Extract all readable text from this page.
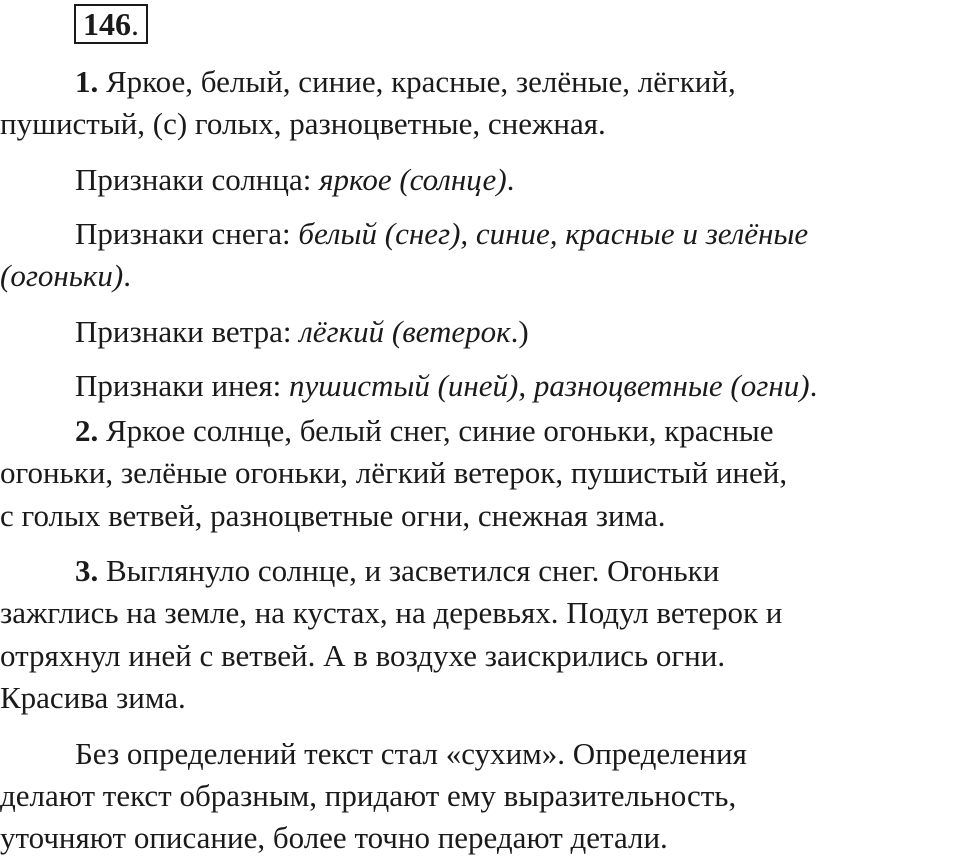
146.
1. Яркое, белый, синие, красные, зелёные, лёгкий,
пушистый, (с) голых, разноцветные, снежная.
Признаки солнца: яркое (солнце).
Признаки снега: белый (снег), синие, красные и зелёные
(огоньки).
Признаки ветра: лёгкий (ветерок.)
Признаки инея: пушистый (иней), разноцветные (огни).
2. Яркое солнце, белый снег, синие огоньки, красные
огоньки, зелёные огоньки, лёгкий ветерок, пушистый иней,
с голых ветвей, разноцветные огни, снежная зима.
3. Выглянуло солнце, и засветился снег. Огоньки
зажглись на земле, на кустах, на деревьях. Подул ветерок и
отряхнул иней с ветвей. А в воздухе заискрились огни.
Красива зима.
Без определений текст стал «сухим». Определения
делают текст образным, придают ему выразительность,
уточняют описание, более точно передают детали.
